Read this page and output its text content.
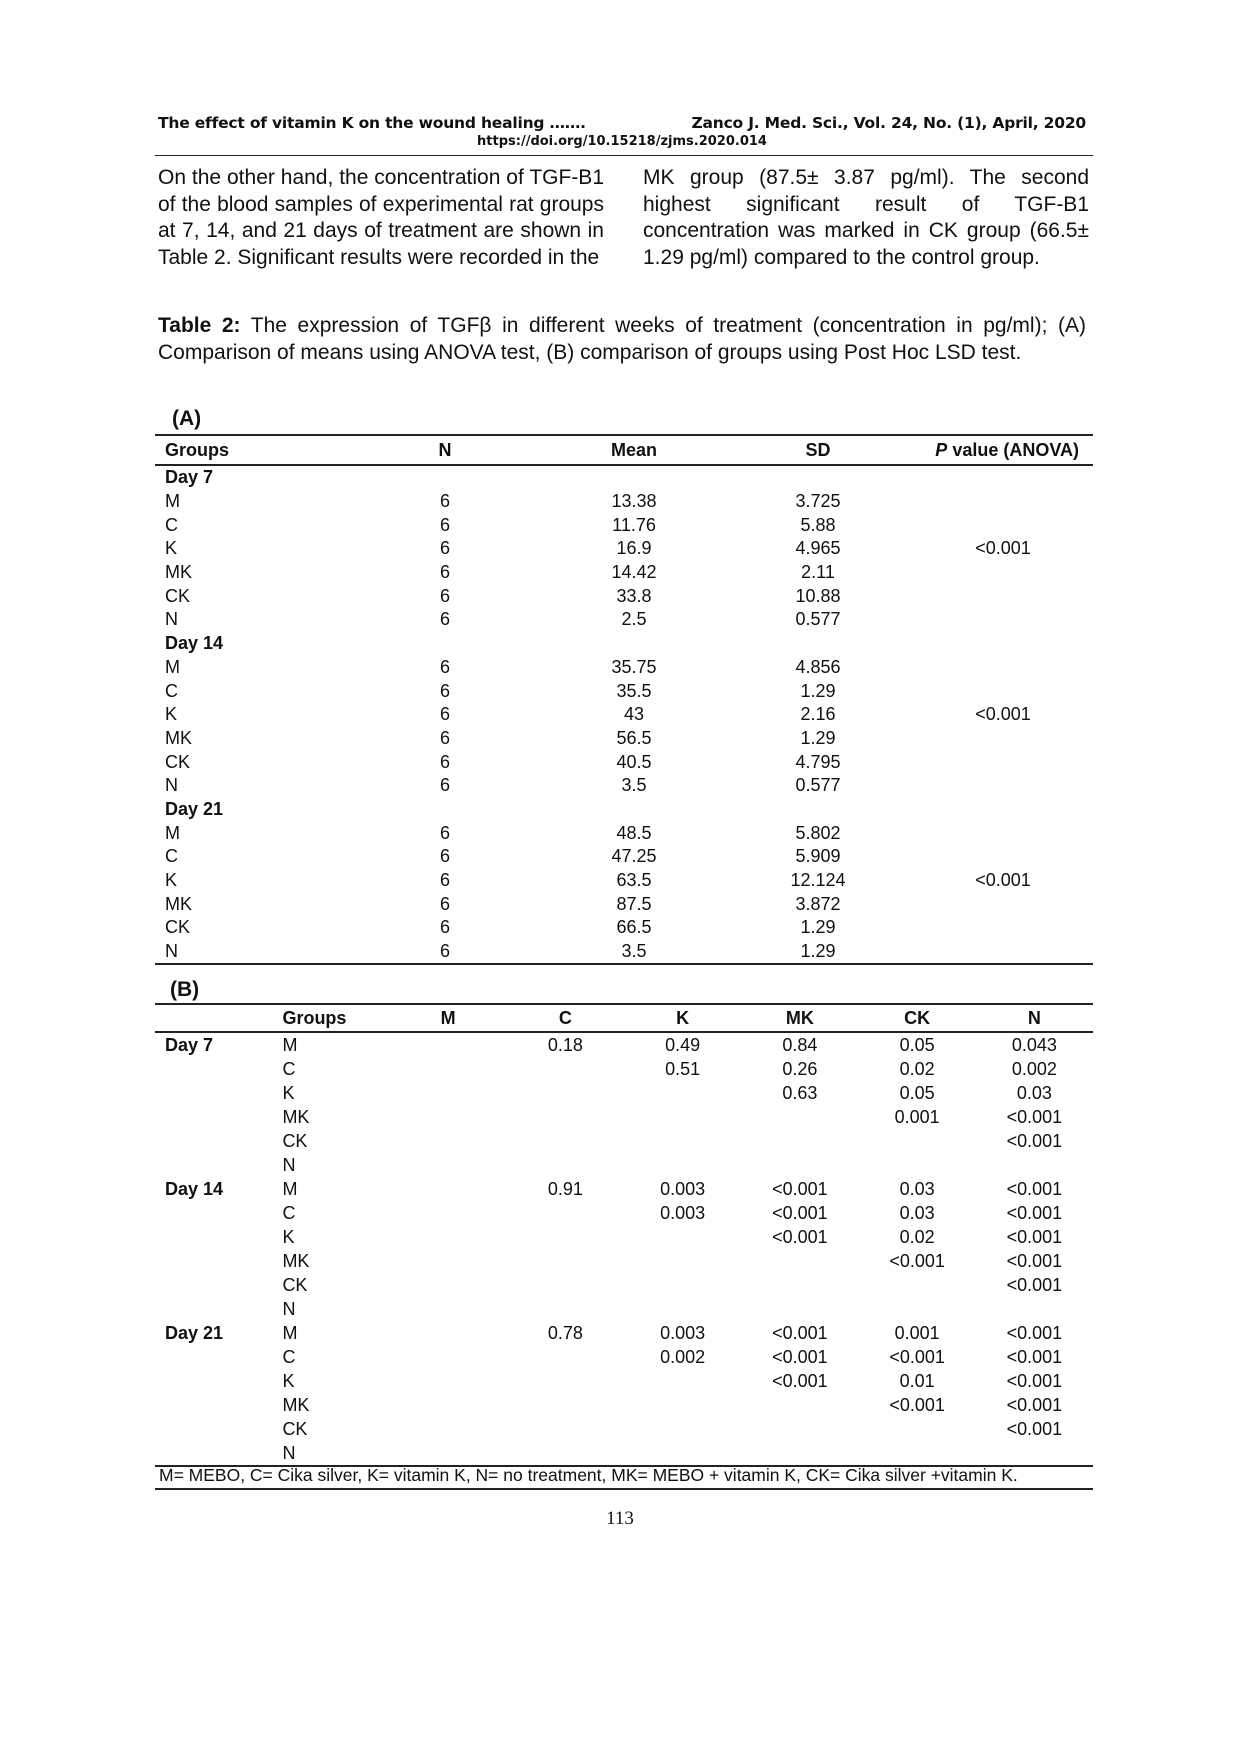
The effect of vitamin K on the wound healing …….	Zanco J. Med. Sci., Vol. 24, No. (1), April, 2020
https://doi.org/10.15218/zjms.2020.014
On the other hand, the concentration of TGF-B1 of the blood samples of experimental rat groups at 7, 14, and 21 days of treatment are shown in Table 2. Significant results were recorded in the
MK group (87.5± 3.87 pg/ml). The second highest significant result of TGF-B1 concentration was marked in CK group (66.5± 1.29 pg/ml) compared to the control group.
Table 2: The expression of TGFβ in different weeks of treatment (concentration in pg/ml); (A) Comparison of means using ANOVA test, (B) comparison of groups using Post Hoc LSD test.
(A)
Groups	N	Mean	SD	P value (ANOVA)
Day 7				
M	6	13.38	3.725	
C	6	11.76	5.88	
K	6	16.9	4.965	<0.001
MK	6	14.42	2.11	
CK	6	33.8	10.88	
N	6	2.5	0.577	
Day 14				
M	6	35.75	4.856	
C	6	35.5	1.29	
K	6	43	2.16	<0.001
MK	6	56.5	1.29	
CK	6	40.5	4.795	
N	6	3.5	0.577	
Day 21				
M	6	48.5	5.802	
C	6	47.25	5.909	
K	6	63.5	12.124	<0.001
MK	6	87.5	3.872	
CK	6	66.5	1.29	
N	6	3.5	1.29	
(B)
	Groups	M	C	K	MK	CK	N
Day 7	M		0.18	0.49	0.84	0.05	0.043
	C			0.51	0.26	0.02	0.002
	K				0.63	0.05	0.03
	MK					0.001	<0.001
	CK						<0.001
	N						
Day 14	M		0.91	0.003	<0.001	0.03	<0.001
	C			0.003	<0.001	0.03	<0.001
	K				<0.001	0.02	<0.001
	MK					<0.001	<0.001
	CK						<0.001
	N						
Day 21	M		0.78	0.003	<0.001	0.001	<0.001
	C			0.002	<0.001	<0.001	<0.001
	K				<0.001	0.01	<0.001
	MK					<0.001	<0.001
	CK						<0.001
	N						
M= MEBO, C= Cika silver, K= vitamin K, N= no treatment, MK= MEBO + vitamin K, CK= Cika silver +vitamin K.
113
